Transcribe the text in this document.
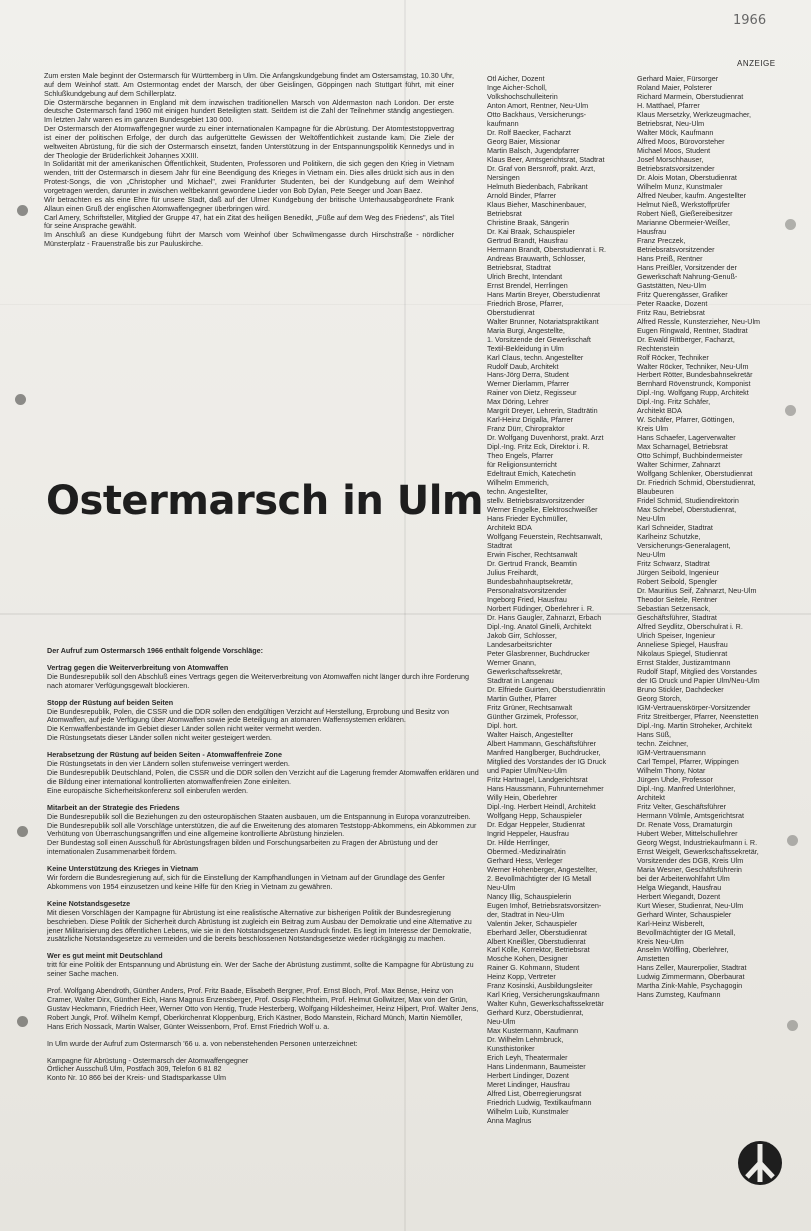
1966
ANZEIGE

Zum ersten Male beginnt der Ostermarsch für Württemberg in Ulm. Die Anfangskundgebung findet am Ostersamstag, 10.30 Uhr, auf dem Weinhof statt. Am Ostermontag endet der Marsch, der über Geislingen, Göppingen nach Stuttgart führt, mit einer Schlußkundgebung auf dem Schillerplatz.

Die Ostermärsche begannen in England mit dem inzwischen traditionellen Marsch von Aldermaston nach London. Der erste deutsche Ostermarsch fand 1960 mit einigen hundert Beteiligten statt. Seitdem ist die Zahl der Teilnehmer ständig angestiegen. Im letzten Jahr waren es im ganzen Bundesgebiet 130 000.

Der Ostermarsch der Atomwaffengegner wurde zu einer internationalen Kampagne für die Abrüstung. Der Atomteststoppvertrag ist einer der politischen Erfolge, der durch das aufgerüttelte Gewissen der Weltöffentlichkeit zustande kam. Die Ziele der weltweiten Abrüstung, für die sich der Ostermarsch einsetzt, fanden Unterstützung in der Entspannungspolitik Kennedys und in der Theologie der Brüderlichkeit Johannes XXIII.

In Solidarität mit der amerikanischen Öffentlichkeit, Studenten, Professoren und Politikern, die sich gegen den Krieg in Vietnam wenden, tritt der Ostermarsch in diesem Jahr für eine Beendigung des Krieges in Vietnam ein. Dies alles drückt sich aus in den Protest-Songs, die von „Christopher und Michael", zwei Frankfurter Studenten, bei der Kundgebung auf dem Weinhof vorgetragen werden, darunter in zwischen weltbekannt gewordene Lieder von Bob Dylan, Pete Seeger und Joan Baez.

Wir betrachten es als eine Ehre für unsere Stadt, daß auf der Ulmer Kundgebung der britische Unterhausabgeordnete Frank Allaun einen Gruß der englischen Atomwaffengegner überbringen wird.

Carl Amery, Schriftsteller, Mitglied der Gruppe 47, hat ein Zitat des heiligen Benedikt, „Füße auf dem Weg des Friedens", als Titel für seine Ansprache gewählt.

Im Anschluß an diese Kundgebung führt der Marsch vom Weinhof über Schwilmengasse durch Hirschstraße - nördlicher Münsterplatz - Frauenstraße bis zur Pauluskirche.

Ostermarsch in Ulm

Der Aufruf zum Ostermarsch 1966 enthält folgende Vorschläge:

Vertrag gegen die Weiterverbreitung von Atomwaffen

Die Bundesrepublik soll den Abschluß eines Vertrags gegen die Weiterverbreitung von Atomwaffen nicht länger durch ihre Forderung nach atomarer Verfügungsgewalt blockieren.

Stopp der Rüstung auf beiden Seiten

Die Bundesrepublik, Polen, die CSSR und die DDR sollen den endgültigen Verzicht auf Herstellung, Erprobung und Besitz von Atomwaffen, auf jede Verfügung über Atomwaffen sowie jede Beteiligung an atomaren Waffensystemen erklären.

Die Kernwaffenbestände im Gebiet dieser Länder sollen nicht weiter vermehrt werden.

Die Rüstungsetats dieser Länder sollen nicht weiter gesteigert werden.

Herabsetzung der Rüstung auf beiden Seiten - Atomwaffenfreie Zone

Die Rüstungsetats in den vier Ländern sollen stufenweise verringert werden.

Die Bundesrepublik Deutschland, Polen, die CSSR und die DDR sollen den Verzicht auf die Lagerung fremder Atomwaffen erklären und die Bildung einer international kontrollierten atomwaffenfreien Zone einleiten.

Eine europäische Sicherheitskonferenz soll einberufen werden.

Mitarbeit an der Strategie des Friedens

Die Bundesrepublik soll die Beziehungen zu den osteuropäischen Staaten ausbauen, um die Entspannung in Europa voranzutreiben.

Die Bundesrepublik soll alle Vorschläge unterstützen, die auf die Erweiterung des atomaren Teststopp-Abkommens, ein Abkommen zur Verhütung von Überraschungsangriffen und eine allgemeine kontrollierte Abrüstung hinzielen.

Der Bundestag soll einen Ausschuß für Abrüstungsfragen bilden und Forschungsarbeiten zu Fragen der Abrüstung und der internationalen Zusammenarbeit fördern.

Keine Unterstützung des Krieges in Vietnam

Wir fordern die Bundesregierung auf, sich für die Einstellung der Kampfhandlungen in Vietnam auf der Grundlage des Genfer Abkommens von 1954 einzusetzen und keine Hilfe für den Krieg in Vietnam zu gewähren.

Keine Notstandsgesetze

Mit diesen Vorschlägen der Kampagne für Abrüstung ist eine realistische Alternative zur bisherigen Politik der Bundesregierung beschrieben. Diese Politik der Sicherheit durch Abrüstung ist zugleich ein Beitrag zum Ausbau der Demokratie und eine Alternative zu jener Militarisierung des öffentlichen Lebens, wie sie in den Notstandsgesetzen Ausdruck findet. Es liegt im Interesse der Demokratie, zusätzliche Notstandsgesetze zu vermeiden und die bereits beschlossenen Notstandsgesetze wieder rückgängig zu machen.

Wer es gut meint mit Deutschland

tritt für eine Politik der Entspannung und Abrüstung ein. Wer der Sache der Abrüstung zustimmt, sollte die Kampagne für Abrüstung zu seiner Sache machen.

Prof. Wolfgang Abendroth, Günther Anders, Prof. Fritz Baade, Elisabeth Bergner, Prof. Ernst Bloch, Prof. Max Bense, Heinz von Cramer, Walter Dirx, Günther Eich, Hans Magnus Enzensberger, Prof. Ossip Flechtheim, Prof. Helmut Gollwitzer, Max von der Grün, Gustav Heckmann, Friedrich Heer, Werner Otto von Hentig, Trude Hesterberg, Wolfgang Hildesheimer, Heinz Hilpert, Prof. Walter Jens, Robert Jungk, Prof. Wilhelm Kempf, Oberkirchenrat Kloppenburg, Erich Kästner, Bodo Manstein, Richard Münch, Martin Niemöller, Hans Erich Nossack, Martin Walser, Günter Weissenborn, Prof. Ernst Friedrich Wolf u. a.

In Ulm wurde der Aufruf zum Ostermarsch '66 u. a. von nebenstehenden Personen unterzeichnet:

Kampagne für Abrüstung - Ostermarsch der Atomwaffengegner

Örtlicher Ausschuß Ulm, Postfach 309, Telefon 6 81 82

Konto Nr. 10 866 bei der Kreis- und Stadtsparkasse Ulm

Otl Aicher, Dozent
Inge Aicher-Scholl,
Volkshochschulleiterin
Anton Amort, Rentner, Neu-Ulm
Otto Backhaus, Versicherungs-
kaufmann
Dr. Rolf Baecker, Facharzt
Georg Baier, Missionar
Martin Balsch, Jugendpfarrer
Klaus Beer, Amtsgerichtsrat, Stadtrat
Dr. Graf von Bersnroff, prakt. Arzt,
Nersingen
Helmuth Biedenbach, Fabrikant
Arnold Binder, Pfarrer
Klaus Bieher, Maschinenbauer,
Betriebsrat
Christine Braak, Sängerin
Dr. Kai Braak, Schauspieler
Gertrud Brandt, Hausfrau
Hermann Brandt, Oberstudienrat i. R.
Andreas Brauwarth, Schlosser,
Betriebsrat, Stadtrat
Ulrich Brecht, Intendant
Ernst Brendel, Herrlingen
Hans Martin Breyer, Oberstudienrat
Friedrich Brose, Pfarrer,
Oberstudienrat
Walter Brunner, Notariatspraktikant
Maria Burgi, Angestellte,
1. Vorsitzende der Gewerkschaft
Textil-Bekleidung in Ulm
Karl Claus, techn. Angestellter
Rudolf Daub, Architekt
Hans-Jörg Derra, Student
Werner Dierlamm, Pfarrer
Rainer von Dietz, Regisseur
Max Döring, Lehrer
Margrit Dreyer, Lehrerin, Stadträtin
Karl-Heinz Drigalla, Pfarrer
Franz Dürr, Chiropraktor
Dr. Wolfgang Duvenhorst, prakt. Arzt
Dipl.-Ing. Fritz Eck, Direktor i. R.
Theo Engels, Pfarrer
für Religionsunterricht
Edeltraut Emich, Katechetin
Wilhelm Emmerich,
techn. Angestellter,
stellv. Betriebsratsvorsitzender
Werner Engelke, Elektroschweißer
Hans Frieder Eychmüller,
Architekt BDA
Wolfgang Feuerstein, Rechtsanwalt,
Stadtrat
Erwin Fischer, Rechtsanwalt
Dr. Gertrud Franck, Beamtin
Julius Freihardt,
Bundesbahnhauptsekretär,
Personalratsvorsitzender
Ingeborg Fried, Hausfrau
Norbert Füdinger, Oberlehrer i. R.
Dr. Hans Gaugler, Zahnarzt, Erbach
Dipl.-Ing. Anatol Ginelli, Architekt
Jakob Girr, Schlosser,
Landesarbeitsrichter
Peter Glasbrenner, Buchdrucker
Werner Gnann,
Gewerkschaftssekretär,
Stadtrat in Langenau
Dr. Elfriede Guirten, Oberstudienrätin
Martin Guther, Pfarrer
Fritz Grüner, Rechtsanwalt
Günther Grzimek, Professor,
Dipl. hort.
Walter Haisch, Angestellter
Albert Hammann, Geschäftsführer
Manfred Hanglberger, Buchdrucker,
Mitglied des Vorstandes der IG Druck
und Papier Ulm/Neu-Ulm
Fritz Hartnagel, Landgerichtsrat
Hans Haussmann, Fuhrunternehmer
Willy Hein, Oberlehrer
Dipl.-Ing. Herbert Heindl, Architekt
Wolfgang Hepp, Schauspieler
Dr. Edgar Heppeler, Studienrat
Ingrid Heppeler, Hausfrau
Dr. Hilde Herrlinger,
Obermed.-Medizinalrätin
Gerhard Hess, Verleger
Werner Hohenberger, Angestellter,
2. Bevollmächtigter der IG Metall
Neu-Ulm
Nancy Illig, Schauspielerin
Eugen Imhof, Betriebsratsvorsitzen-
der, Stadtrat in Neu-Ulm
Valentin Jeker, Schauspieler
Eberhard Jeller, Oberstudienrat
Albert Kneißler, Oberstudienrat
Karl Kölle, Korrektor, Betriebsrat
Mosche Kohen, Designer
Rainer G. Kohmann, Student
Heinz Kopp, Vertreter
Franz Kosinski, Ausbildungsleiter
Karl Krieg, Versicherungskaufmann
Walter Kuhn, Gewerkschaftssekretär
Gerhard Kurz, Oberstudienrat,
Neu-Ulm
Max Kustermann, Kaufmann
Dr. Wilhelm Lehmbruck,
Kunsthistoriker
Erich Leyh, Theatermaler
Hans Lindenmann, Baumeister
Herbert Lindinger, Dozent
Meret Lindinger, Hausfrau
Alfred List, Oberregierungsrat
Friedrich Ludwig, Textilkaufmann
Wilhelm Luib, Kunstmaler
Anna Maglrus
Gerhard Maier, Fürsorger
Roland Maier, Polsterer
Richard Marmein, Oberstudienrat
H. Matthael, Pfarrer
Klaus Mersetzky, Werkzeugmacher,
Betriebsrat, Neu-Ulm
Walter Möck, Kaufmann
Alfred Moos, Bürovorsteher
Michael Moos, Student
Josef Morschhauser,
Betriebsratsvorsitzender
Dr. Alois Motan, Oberstudienrat
Wilhelm Munz, Kunstmaler
Alfred Neuber, kaufm. Angestellter
Helmut Nieß, Werkstoffprüfer
Robert Nieß, Gießereibesitzer
Marianne Obermeier-Weißer,
Hausfrau
Franz Preczek,
Betriebsratsvorsitzender
Hans Preiß, Rentner
Hans Preißler, Vorsitzender der
Gewerkschaft Nahrung-Genuß-
Gaststätten, Neu-Ulm
Fritz Querengässer, Grafiker
Peter Raacke, Dozent
Fritz Rau, Betriebsrat
Alfred Ressle, Kunsterzieher, Neu-Ulm
Eugen Ringwald, Rentner, Stadtrat
Dr. Ewald Rittberger, Facharzt,
Rechtenstein
Rolf Röcker, Techniker
Walter Röcker, Techniker, Neu-Ulm
Herbert Rötter, Bundesbahnsekretär
Bernhard Rövenstrunck, Komponist
Dipl.-Ing. Wolfgang Rupp, Architekt
Dipl.-Ing. Fritz Schäfer,
Architekt BDA
W. Schäfer, Pfarrer, Göttingen,
Kreis Ulm
Hans Schaefer, Lagerverwalter
Max Scharnagel, Betriebsrat
Otto Schimpf, Buchbindermeister
Walter Schirmer, Zahnarzt
Wolfgang Schlenker, Oberstudienrat
Dr. Friedrich Schmid, Oberstudienrat,
Blaubeuren
Fridel Schmid, Studiendirektorin
Max Schnebel, Oberstudienrat,
Neu-Ulm
Karl Schneider, Stadtrat
Karlheinz Schutzke,
Versicherungs-Generalagent,
Neu-Ulm
Fritz Schwarz, Stadtrat
Jürgen Seibold, Ingenieur
Robert Seibold, Spengler
Dr. Mauritius Seif, Zahnarzt, Neu-Ulm
Theodor Seitele, Rentner
Sebastian Setzensack,
Geschäftsführer, Stadtrat
Alfred Seydlitz, Oberschulrat i. R.
Ulrich Speiser, Ingenieur
Anneliese Spiegel, Hausfrau
Nikolaus Spiegel, Studienrat
Ernst Stalder, Justizamtmann
Rudolf Stapf, Mitglied des Vorstandes
der IG Druck und Papier Ulm/Neu-Ulm
Bruno Stickler, Dachdecker
Georg Storch,
IGM-Vertrauenskörper-Vorsitzender
Fritz Streitberger, Pfarrer, Neenstetten
Dipl.-Ing. Martin Stroheker, Architekt
Hans Süß,
techn. Zeichner,
IGM-Vertrauensmann
Carl Tempel, Pfarrer, Wippingen
Wilhelm Thony, Notar
Jürgen Uhde, Professor
Dipl.-Ing. Manfred Unterlöhner,
Architekt
Fritz Velter, Geschäftsführer
Hermann Völmle, Amtsgerichtsrat
Dr. Renate Voss, Dramaturgin
Hubert Weber, Mittelschullehrer
Georg Wegst, Industriekaufmann i. R.
Ernst Weigelt, Gewerkschaftssekretär,
Vorsitzender des DGB, Kreis Ulm
Maria Wesner, Geschäftsführerin
bei der Arbeiterwohlfahrt Ulm
Helga Wiegandt, Hausfrau
Herbert Wiegandt, Dozent
Kurt Wieser, Studienrat, Neu-Ulm
Gerhard Winter, Schauspieler
Karl-Heinz Wisberelt,
Bevollmächtigter der IG Metall,
Kreis Neu-Ulm
Anselm Wölfling, Oberlehrer,
Amstetten
Hans Zeller, Maurerpolier, Stadtrat
Ludwig Zimmermann, Oberbaurat
Martha Zink-Mahle, Psychagogin
Hans Zumsteg, Kaufmann
